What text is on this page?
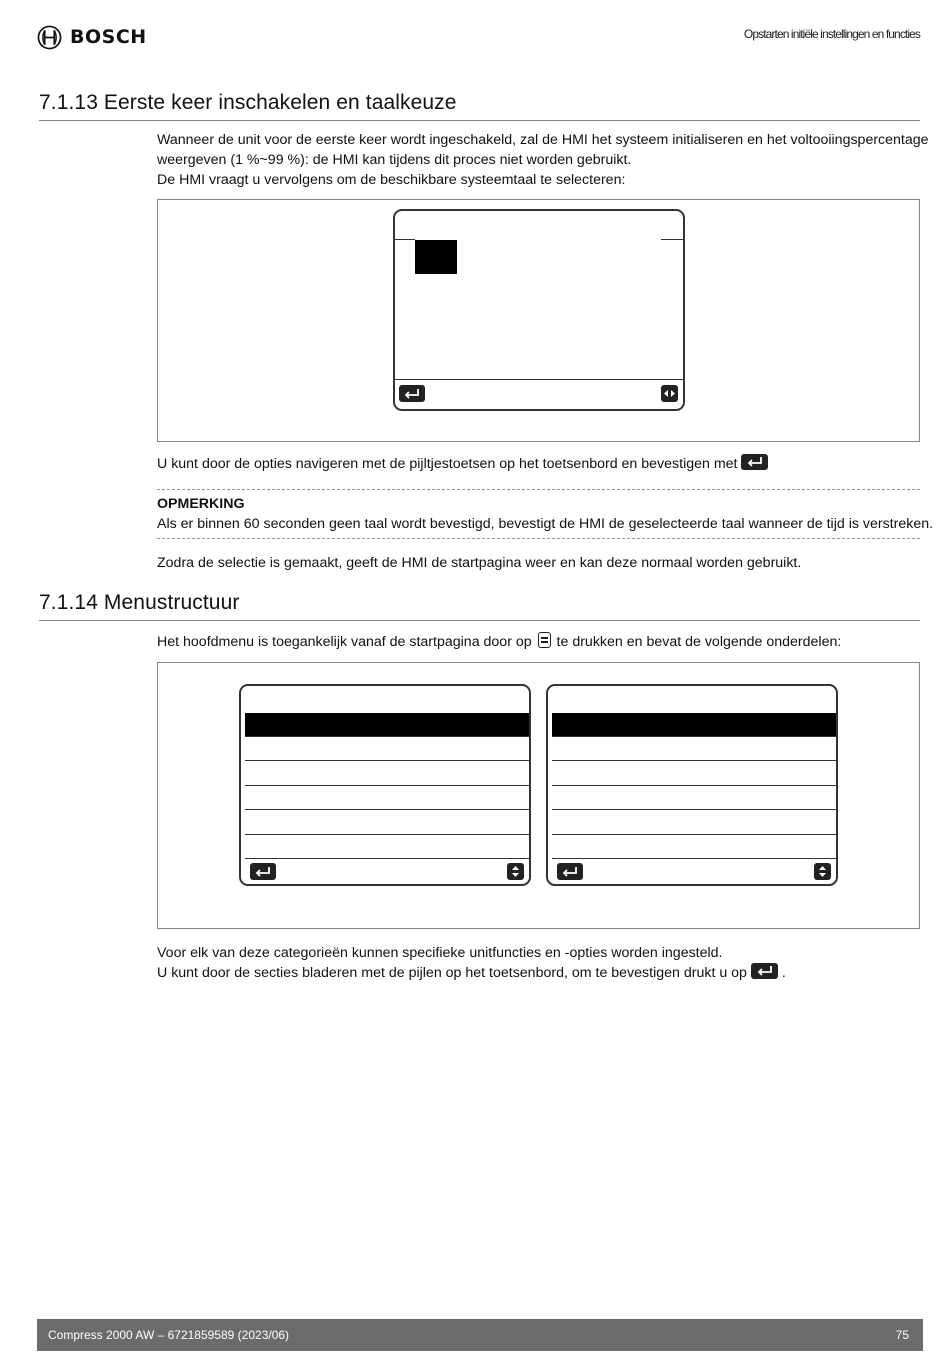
BOSCH	Opstarten initiële instellingen en functies
7.1.13 Eerste keer inschakelen en taalkeuze
Wanneer de unit voor de eerste keer wordt ingeschakeld, zal de HMI het systeem initialiseren en het voltooiingspercentage
weergeven (1 %~99 %): de HMI kan tijdens dit proces niet worden gebruikt.
De HMI vraagt u vervolgens om de beschikbare systeemtaal te selecteren:
U kunt door de opties navigeren met de pijltjestoetsen op het toetsenbord en bevestigen met
OPMERKING
Als er binnen 60 seconden geen taal wordt bevestigd, bevestigt de HMI de geselecteerde taal wanneer de tijd is verstreken.
Zodra de selectie is gemaakt, geeft de HMI de startpagina weer en kan deze normaal worden gebruikt.
7.1.14 Menustructuur
Het hoofdmenu is toegankelijk vanaf de startpagina door op te drukken en bevat de volgende onderdelen:
Voor elk van deze categorieën kunnen specifieke unitfuncties en -opties worden ingesteld.
U kunt door de secties bladeren met de pijlen op het toetsenbord, om te bevestigen drukt u op .
Compress 2000 AW – 6721859589 (2023/06)	75
